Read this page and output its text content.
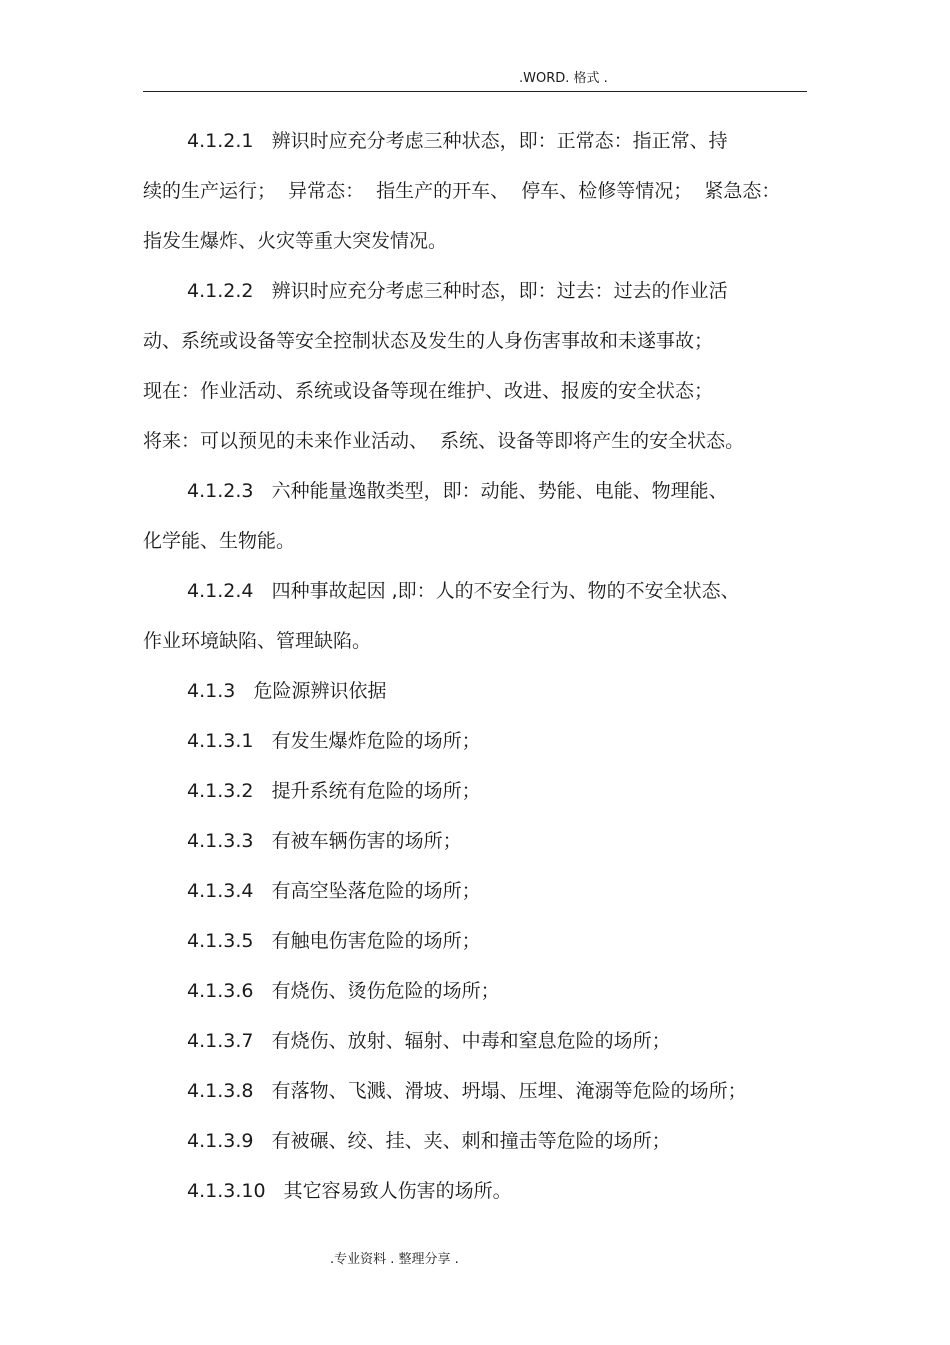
.WORD. 格式 .
4.1.2.1   辨识时应充分考虑三种状态，即：正常态：指正常、持
续的生产运行；  异常态：  指生产的开车、  停车、检修等情况；  紧急态：
指发生爆炸、火灾等重大突发情况。
4.1.2.2   辨识时应充分考虑三种时态，即：过去：过去的作业活
动、系统或设备等安全控制状态及发生的人身伤害事故和未遂事故；
现在：作业活动、系统或设备等现在维护、改进、报废的安全状态；
将来：可以预见的未来作业活动、  系统、设备等即将产生的安全状态。
4.1.2.3   六种能量逸散类型，即：动能、势能、电能、物理能、
化学能、生物能。
4.1.2.4   四种事故起因 ,即：人的不安全行为、物的不安全状态、
作业环境缺陷、管理缺陷。
4.1.3   危险源辨识依据
4.1.3.1   有发生爆炸危险的场所；
4.1.3.2   提升系统有危险的场所；
4.1.3.3   有被车辆伤害的场所；
4.1.3.4   有高空坠落危险的场所；
4.1.3.5   有触电伤害危险的场所；
4.1.3.6   有烧伤、烫伤危险的场所；
4.1.3.7   有烧伤、放射、辐射、中毒和窒息危险的场所；
4.1.3.8   有落物、飞溅、滑坡、坍塌、压埋、淹溺等危险的场所；
4.1.3.9   有被碾、绞、挂、夹、刺和撞击等危险的场所；
4.1.3.10   其它容易致人伤害的场所。
.专业资料 . 整理分享 .
